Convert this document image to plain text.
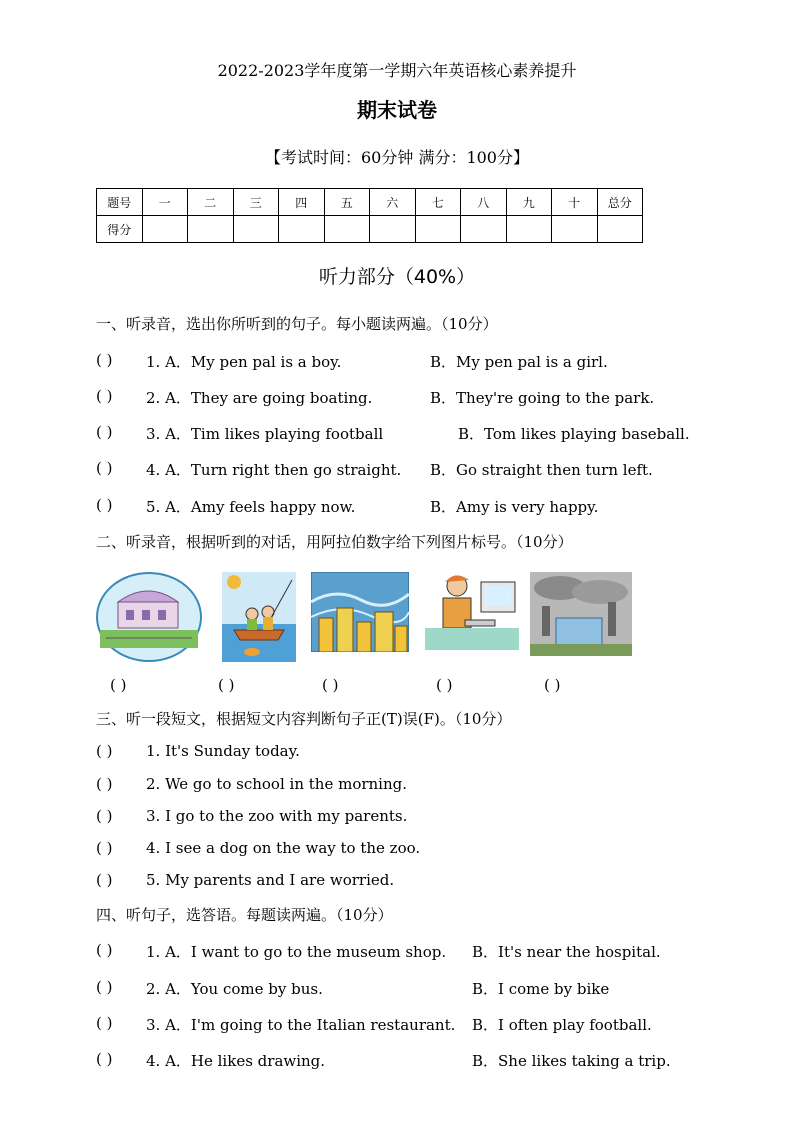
2022-2023学年度第一学期六年英语核心素养提升
期末试卷
【考试时间：60分钟 满分：100分】
题号	一	二	三	四	五	六	七	八	九	十	总分
得分											
听力部分（40%）
一、听录音，选出你所听到的句子。每小题读两遍。（10分）
( ) 1. A．My pen pal is a boy.	B．My pen pal is a girl.
( ) 2. A．They are going boating.	B．They're going to the park.
( ) 3. A．Tim likes playing football	B．Tom likes playing baseball.
( ) 4. A．Turn right then go straight. B．Go straight then turn left.
( ) 5. A．Amy feels happy now.	B．Amy is very happy.
二、听录音，根据听到的对话，用阿拉伯数字给下列图片标号。（10分）
( )	( )	( )	( )	( )
三、听一段短文，根据短文内容判断句子正(T)误(F)。（10分）
( ) 1. It's Sunday today.
( ) 2. We go to school in the morning.
( ) 3. I go to the zoo with my parents.
( ) 4. I see a dog on the way to the zoo.
( ) 5. My parents and I are worried.
四、听句子，选答语。每题读两遍。（10分）
( ) 1. A．I want to go to the museum shop. B．It's near the hospital.
( ) 2. A．You come by bus.	B．I come by bike
( ) 3. A．I'm going to the Italian restaurant. B．I often play football.
( ) 4. A．He likes drawing.	B．She likes taking a trip.
